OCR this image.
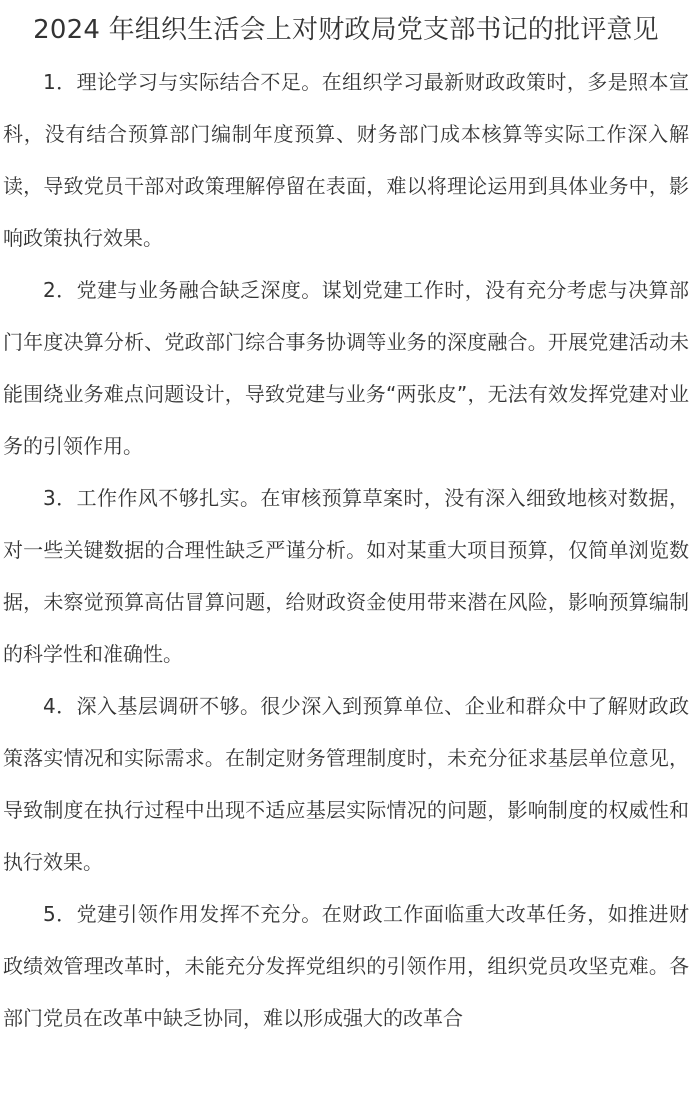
2024 年组织生活会上对财政局党支部书记的批评意见

1．理论学习与实际结合不足。在组织学习最新财政政策时，多是照本宣科，没有结合预算部门编制年度预算、财务部门成本核算等实际工作深入解读，导致党员干部对政策理解停留在表面，难以将理论运用到具体业务中，影响政策执行效果。

2．党建与业务融合缺乏深度。谋划党建工作时，没有充分考虑与决算部门年度决算分析、党政部门综合事务协调等业务的深度融合。开展党建活动未能围绕业务难点问题设计，导致党建与业务“两张皮”，无法有效发挥党建对业务的引领作用。

3．工作作风不够扎实。在审核预算草案时，没有深入细致地核对数据，对一些关键数据的合理性缺乏严谨分析。如对某重大项目预算，仅简单浏览数据，未察觉预算高估冒算问题，给财政资金使用带来潜在风险，影响预算编制的科学性和准确性。

4．深入基层调研不够。很少深入到预算单位、企业和群众中了解财政政策落实情况和实际需求。在制定财务管理制度时，未充分征求基层单位意见，导致制度在执行过程中出现不适应基层实际情况的问题，影响制度的权威性和执行效果。

5．党建引领作用发挥不充分。在财政工作面临重大改革任务，如推进财政绩效管理改革时，未能充分发挥党组织的引领作用，组织党员攻坚克难。各部门党员在改革中缺乏协同，难以形成强大的改革合
